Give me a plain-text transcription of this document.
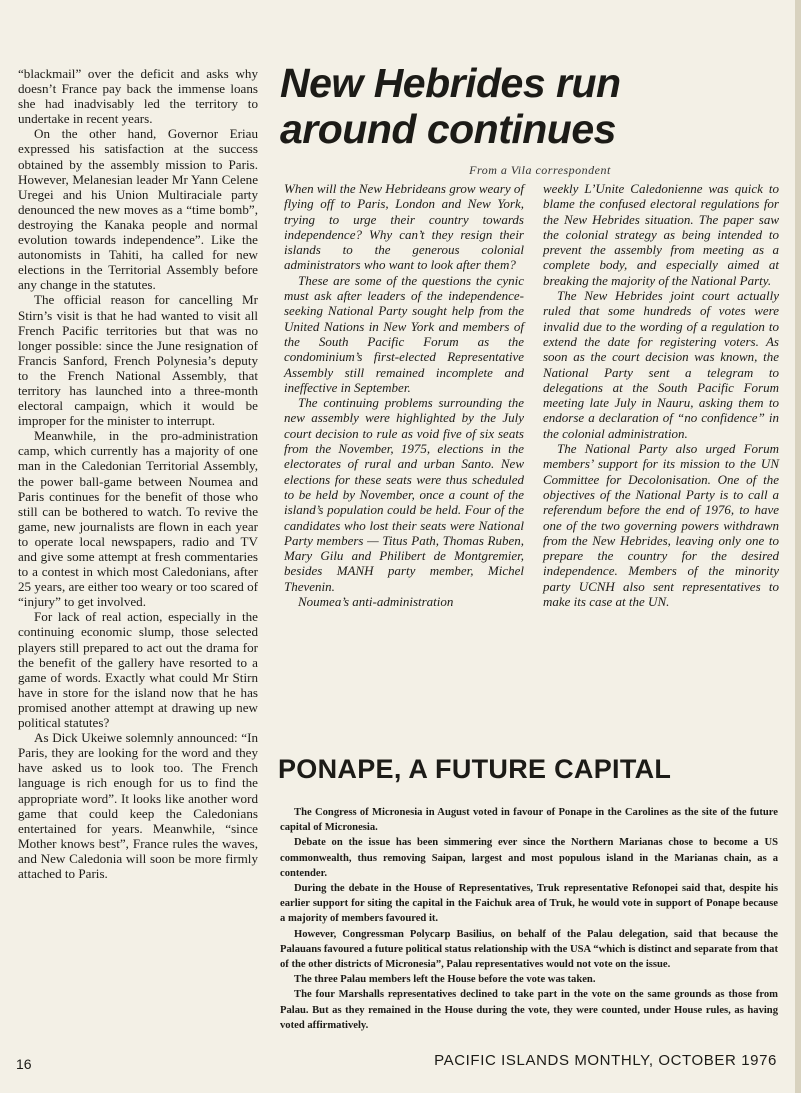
“blackmail” over the deficit and asks why doesn’t France pay back the immense loans she had inadvisably led the territory to undertake in recent years.

On the other hand, Governor Eriau expressed his satisfaction at the success obtained by the assembly mission to Paris. However, Melanesian leader Mr Yann Celene Uregei and his Union Multiraciale party denounced the new moves as a “time bomb”, destroying the Kanaka people and normal evolution towards independence”. Like the autonomists in Tahiti, ha called for new elections in the Territorial Assembly before any change in the statutes.

The official reason for cancelling Mr Stirn’s visit is that he had wanted to visit all French Pacific territories but that was no longer possible: since the June resignation of Francis Sanford, French Polynesia’s deputy to the French National Assembly, that territory has launched into a three-month electoral campaign, which it would be improper for the minister to interrupt.

Meanwhile, in the pro-administration camp, which currently has a majority of one man in the Caledonian Territorial Assembly, the power ball-game between Noumea and Paris continues for the benefit of those who still can be bothered to watch. To revive the game, new journalists are flown in each year to operate local newspapers, radio and TV and give some attempt at fresh commentaries to a contest in which most Caledonians, after 25 years, are either too weary or too scared of “injury” to get involved.

For lack of real action, especially in the continuing economic slump, those selected players still prepared to act out the drama for the benefit of the gallery have resorted to a game of words. Exactly what could Mr Stirn have in store for the island now that he has promised another attempt at drawing up new political statutes?

As Dick Ukeiwe solemnly announced: “In Paris, they are looking for the word and they have asked us to look too. The French language is rich enough for us to find the appropriate word”. It looks like another word game that could keep the Caledonians entertained for years. Meanwhile, “since Mother knows best”, France rules the waves, and New Caledonia will soon be more firmly attached to Paris.

New Hebrides run around continues
From a Vila correspondent

When will the New Hebrideans grow weary of flying off to Paris, London and New York, trying to urge their country towards independence? Why can’t they resign their islands to the generous colonial administrators who want to look after them?

These are some of the questions the cynic must ask after leaders of the independence-seeking National Party sought help from the United Nations in New York and members of the South Pacific Forum as the condominium’s first-elected Representative Assembly still remained incomplete and ineffective in September.

The continuing problems surrounding the new assembly were highlighted by the July court decision to rule as void five of six seats from the November, 1975, elections in the electorates of rural and urban Santo. New elections for these seats were thus scheduled to be held by November, once a count of the island’s population could be held. Four of the candidates who lost their seats were National Party members — Titus Path, Thomas Ruben, Mary Gilu and Philibert de Montgremier, besides MANH party member, Michel Thevenin.

Noumea’s anti-administration

weekly L’Unite Caledonienne was quick to blame the confused electoral regulations for the New Hebrides situation. The paper saw the colonial strategy as being intended to prevent the assembly from meeting as a complete body, and especially aimed at breaking the majority of the National Party.

The New Hebrides joint court actually ruled that some hundreds of votes were invalid due to the wording of a regulation to extend the date for registering voters. As soon as the court decision was known, the National Party sent a telegram to delegations at the South Pacific Forum meeting late July in Nauru, asking them to endorse a declaration of “no confidence” in the colonial administration.

The National Party also urged Forum members’ support for its mission to the UN Committee for Decolonisation. One of the objectives of the National Party is to call a referendum before the end of 1976, to have one of the two governing powers withdrawn from the New Hebrides, leaving only one to prepare the country for the desired independence. Members of the minority party UCNH also sent representatives to make its case at the UN.

PONAPE, A FUTURE CAPITAL

The Congress of Micronesia in August voted in favour of Ponape in the Carolines as the site of the future capital of Micronesia.

Debate on the issue has been simmering ever since the Northern Marianas chose to become a US commonwealth, thus removing Saipan, largest and most populous island in the Marianas chain, as a contender.

During the debate in the House of Representatives, Truk representative Refonopei said that, despite his earlier support for siting the capital in the Faichuk area of Truk, he would vote in support of Ponape because a majority of members favoured it.

However, Congressman Polycarp Basilius, on behalf of the Palau delegation, said that because the Palauans favoured a future political status relationship with the USA “which is distinct and separate from that of the other districts of Micronesia”, Palau representatives would not vote on the issue.

The three Palau members left the House before the vote was taken.

The four Marshalls representatives declined to take part in the vote on the same grounds as those from Palau. But as they remained in the House during the vote, they were counted, under House rules, as having voted affirmatively.

16	PACIFIC ISLANDS MONTHLY, OCTOBER 1976
